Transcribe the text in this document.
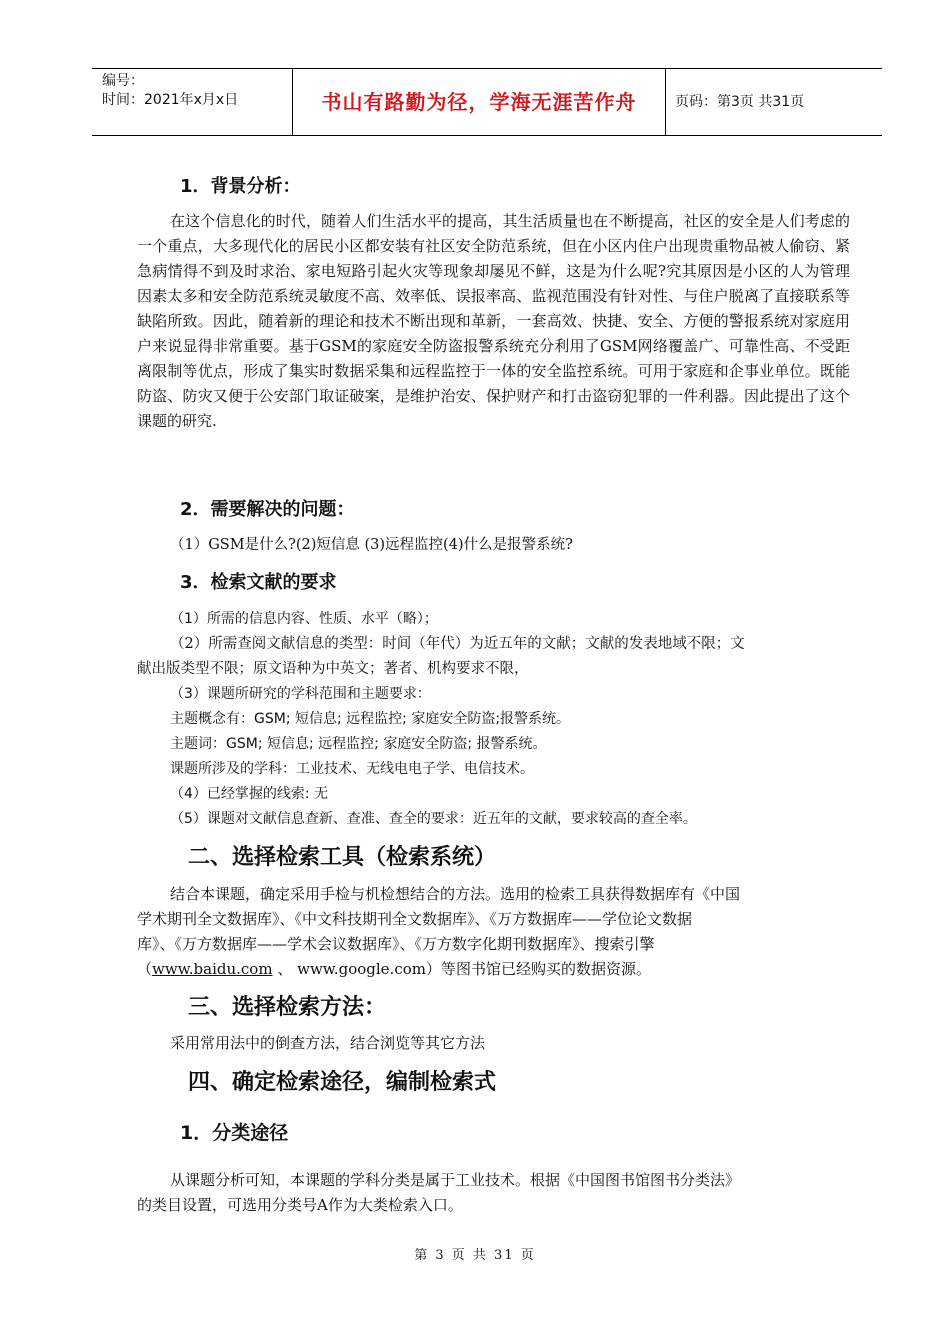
编号：
时间：2021年x月x日	书山有路勤为径，学海无涯苦作舟	页码：第3页 共31页
1．背景分析：

在这个信息化的时代，随着人们生活水平的提高，其生活质量也在不断提高，社区的安全是人们考虑的一个重点，大多现代化的居民小区都安装有社区安全防范系统，但在小区内住户出现贵重物品被人偷窃、紧急病情得不到及时求治、家电短路引起火灾等现象却屡见不鲜，这是为什么呢?究其原因是小区的人为管理因素太多和安全防范系统灵敏度不高、效率低、误报率高、监视范围没有针对性、与住户脱离了直接联系等缺陷所致。因此，随着新的理论和技术不断出现和革新，一套高效、快捷、安全、方便的警报系统对家庭用户来说显得非常重要。基于GSM的家庭安全防盗报警系统充分利用了GSM网络覆盖广、可靠性高、不受距离限制等优点，形成了集实时数据采集和远程监控于一体的安全监控系统。可用于家庭和企事业单位。既能防盗、防灾又便于公安部门取证破案，是维护治安、保护财产和打击盗窃犯罪的一件利器。因此提出了这个课题的研究.

2．需要解决的问题：
（1）GSM是什么?(2)短信息 (3)远程监控(4)什么是报警系统?
3．检索文献的要求
（1）所需的信息内容、性质、水平（略）；
（2）所需查阅文献信息的类型：时间（年代）为近五年的文献；文献的发表地域不限；文
献出版类型不限；原文语种为中英文；著者、机构要求不限，
（3）课题所研究的学科范围和主题要求：
主题概念有：GSM; 短信息; 远程监控; 家庭安全防盗;报警系统。
主题词：GSM; 短信息; 远程监控; 家庭安全防盗; 报警系统。
课题所涉及的学科：工业技术、无线电电子学、电信技术。
（4）已经掌握的线索: 无
（5）课题对文献信息查新、查准、查全的要求：近五年的文献，要求较高的查全率。
二、选择检索工具（检索系统）
结合本课题，确定采用手检与机检想结合的方法。选用的检索工具获得数据库有《中国
学术期刊全文数据库》、《中文科技期刊全文数据库》、《万方数据库——学位论文数据
库》、《万方数据库——学术会议数据库》、《万方数字化期刊数据库》、搜索引擎
（www.baidu.com 、 www.google.com）等图书馆已经购买的数据资源。
三、选择检索方法：
采用常用法中的倒查方法，结合浏览等其它方法
四、确定检索途径，编制检索式
1．分类途径
从课题分析可知，本课题的学科分类是属于工业技术。根据《中国图书馆图书分类法》
的类目设置，可选用分类号A作为大类检索入口。
第 3 页 共 31 页
